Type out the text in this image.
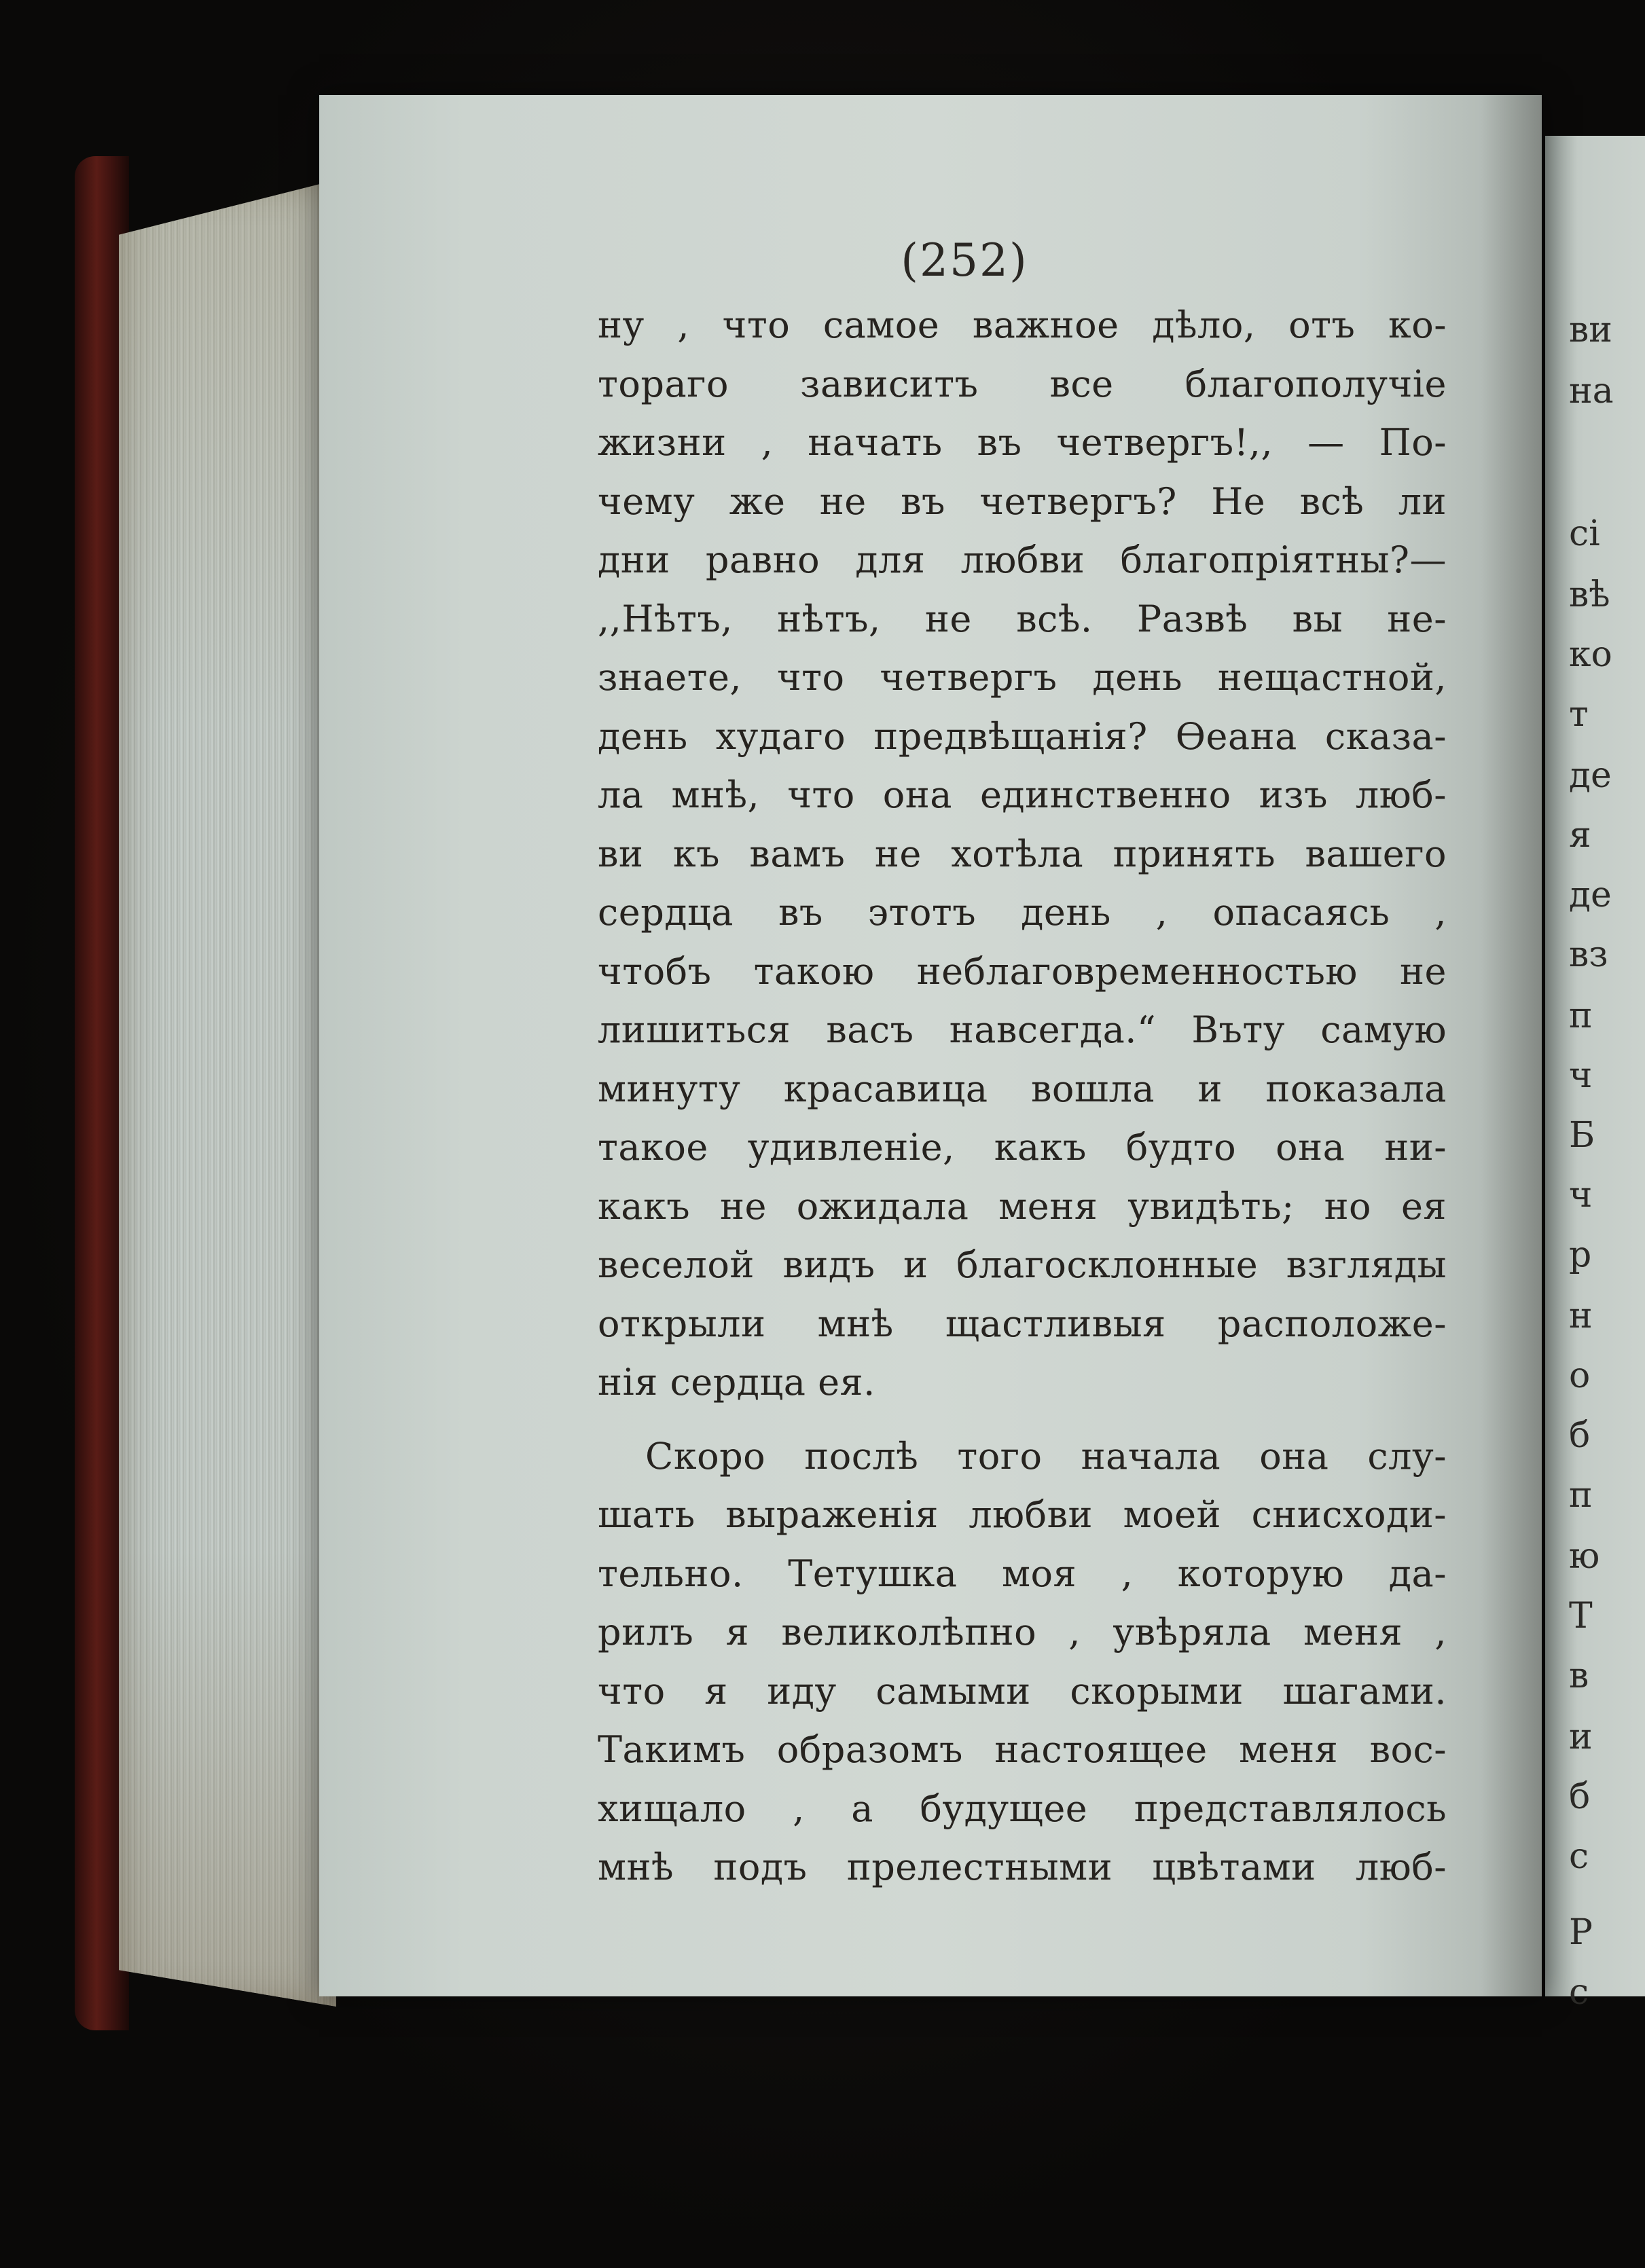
ви
на
сі
вѣ
ко
т
де
я
де
вз
п
ч
Б
ч
р
н
о
б
п
ю
Т
в
и
б
с
Р
с
(252)
ну , что самое важное дѣло, отъ ко-
тораго зависитъ все благополучіе
жизни , начать въ четвергъ!,, — По-
чему же не въ четвергъ? Не всѣ ли
дни равно для любви благопріятны?—
,,Нѣтъ, нѣтъ, не всѣ. Развѣ вы не-
знаете, что четвергъ день нещастной,
день худаго предвѣщанія? Ѳеана сказа-
ла мнѣ, что она единственно изъ люб-
ви къ вамъ не хотѣла принять вашего
сердца въ этотъ день , опасаясь ,
чтобъ такою неблаговременностью не
лишиться васъ навсегда.“ Въту самую
минуту красавица вошла и показала
такое удивленіе, какъ будто она ни-
какъ не ожидала меня увидѣть; но ея
веселой видъ и благосклонные взгляды
открыли мнѣ щастливыя расположе-
нія сердца ея.
Скоро послѣ того начала она слу-
шать выраженія любви моей снисходи-
тельно. Тетушка моя , которую да-
рилъ я великолѣпно , увѣряла меня ,
что я иду самыми скорыми шагами.
Такимъ образомъ настоящее меня вос-
хищало , а будущее представлялось
мнѣ подъ прелестными цвѣтами люб-
